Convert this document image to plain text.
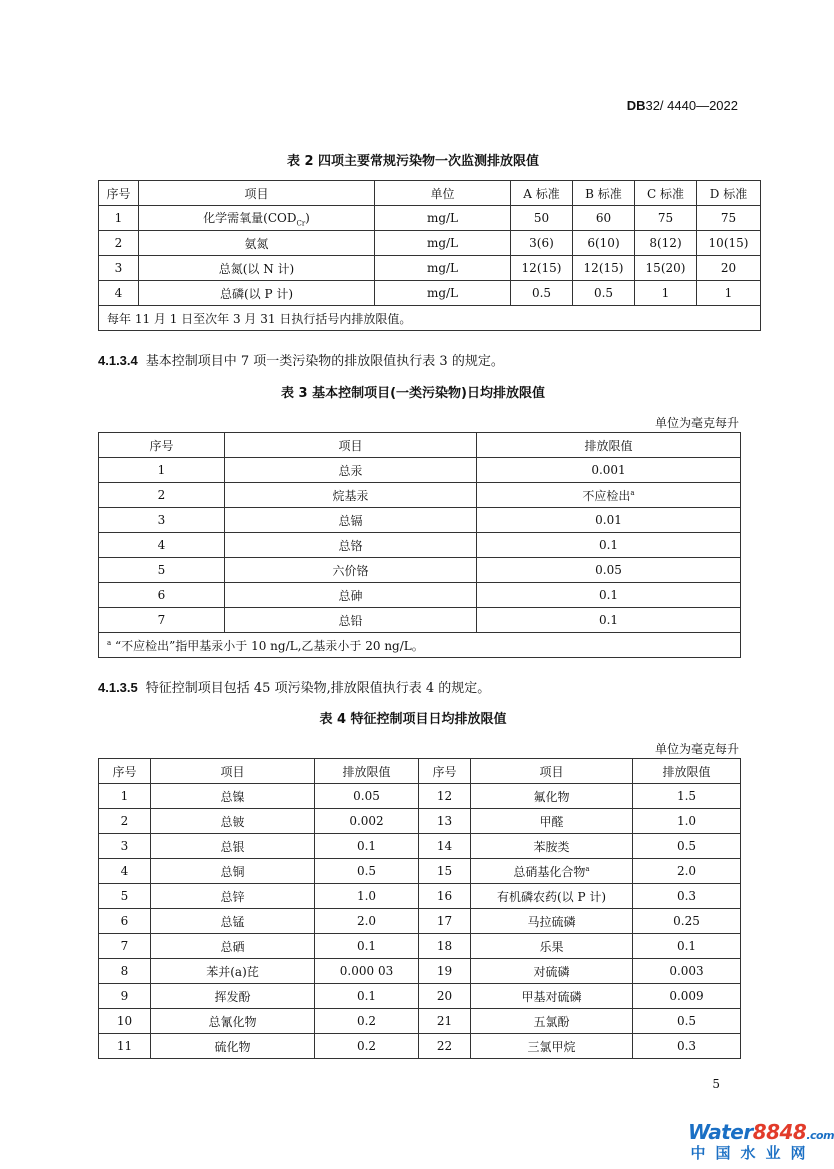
DB32/ 4440—2022
表 2 四项主要常规污染物一次监测排放限值
序号	项目	单位	A 标准	B 标准	C 标准	D 标准
1	化学需氧量$(COD_{Cr})$	mg/L	50	60	75	75
2	氨氮	mg/L	3(6)	6(10)	8(12)	10(15)
3	总氮(以 N 计)	mg/L	12(15)	12(15)	15(20)	20
4	总磷(以 P 计)	mg/L	0.5	0.5	1	1
每年 11 月 1 日至次年 3 月 31 日执行括号内排放限值。						
4.1.3.4 基本控制项目中 7 项一类污染物的排放限值执行表 3 的规定。
表 3 基本控制项目(一类污染物)日均排放限值
单位为毫克每升
序号	项目	排放限值
1	总汞	0.001
2	烷基汞	不应检出$^a$
3	总镉	0.01
4	总铬	0.1
5	六价铬	0.05
6	总砷	0.1
7	总铅	0.1
$^a$ “不应检出”指甲基汞小于 10 ng/L,乙基汞小于 20 ng/L。		
4.1.3.5 特征控制项目包括 45 项污染物,排放限值执行表 4 的规定。
表 4 特征控制项目日均排放限值
单位为毫克每升
序号	项目	排放限值	序号	项目	排放限值
1	总镍	0.05	12	氟化物	1.5
2	总铍	0.002	13	甲醛	1.0
3	总银	0.1	14	苯胺类	0.5
4	总铜	0.5	15	总硝基化合物$^a$	2.0
5	总锌	1.0	16	有机磷农药(以 P 计)	0.3
6	总锰	2.0	17	马拉硫磷	0.25
7	总硒	0.1	18	乐果	0.1
8	苯并(a)芘	0.000 03	19	对硫磷	0.003
9	挥发酚	0.1	20	甲基对硫磷	0.009
10	总氰化物	0.2	21	五氯酚	0.5
11	硫化物	0.2	22	三氯甲烷	0.3
5
Water8848.com
中国水业网
